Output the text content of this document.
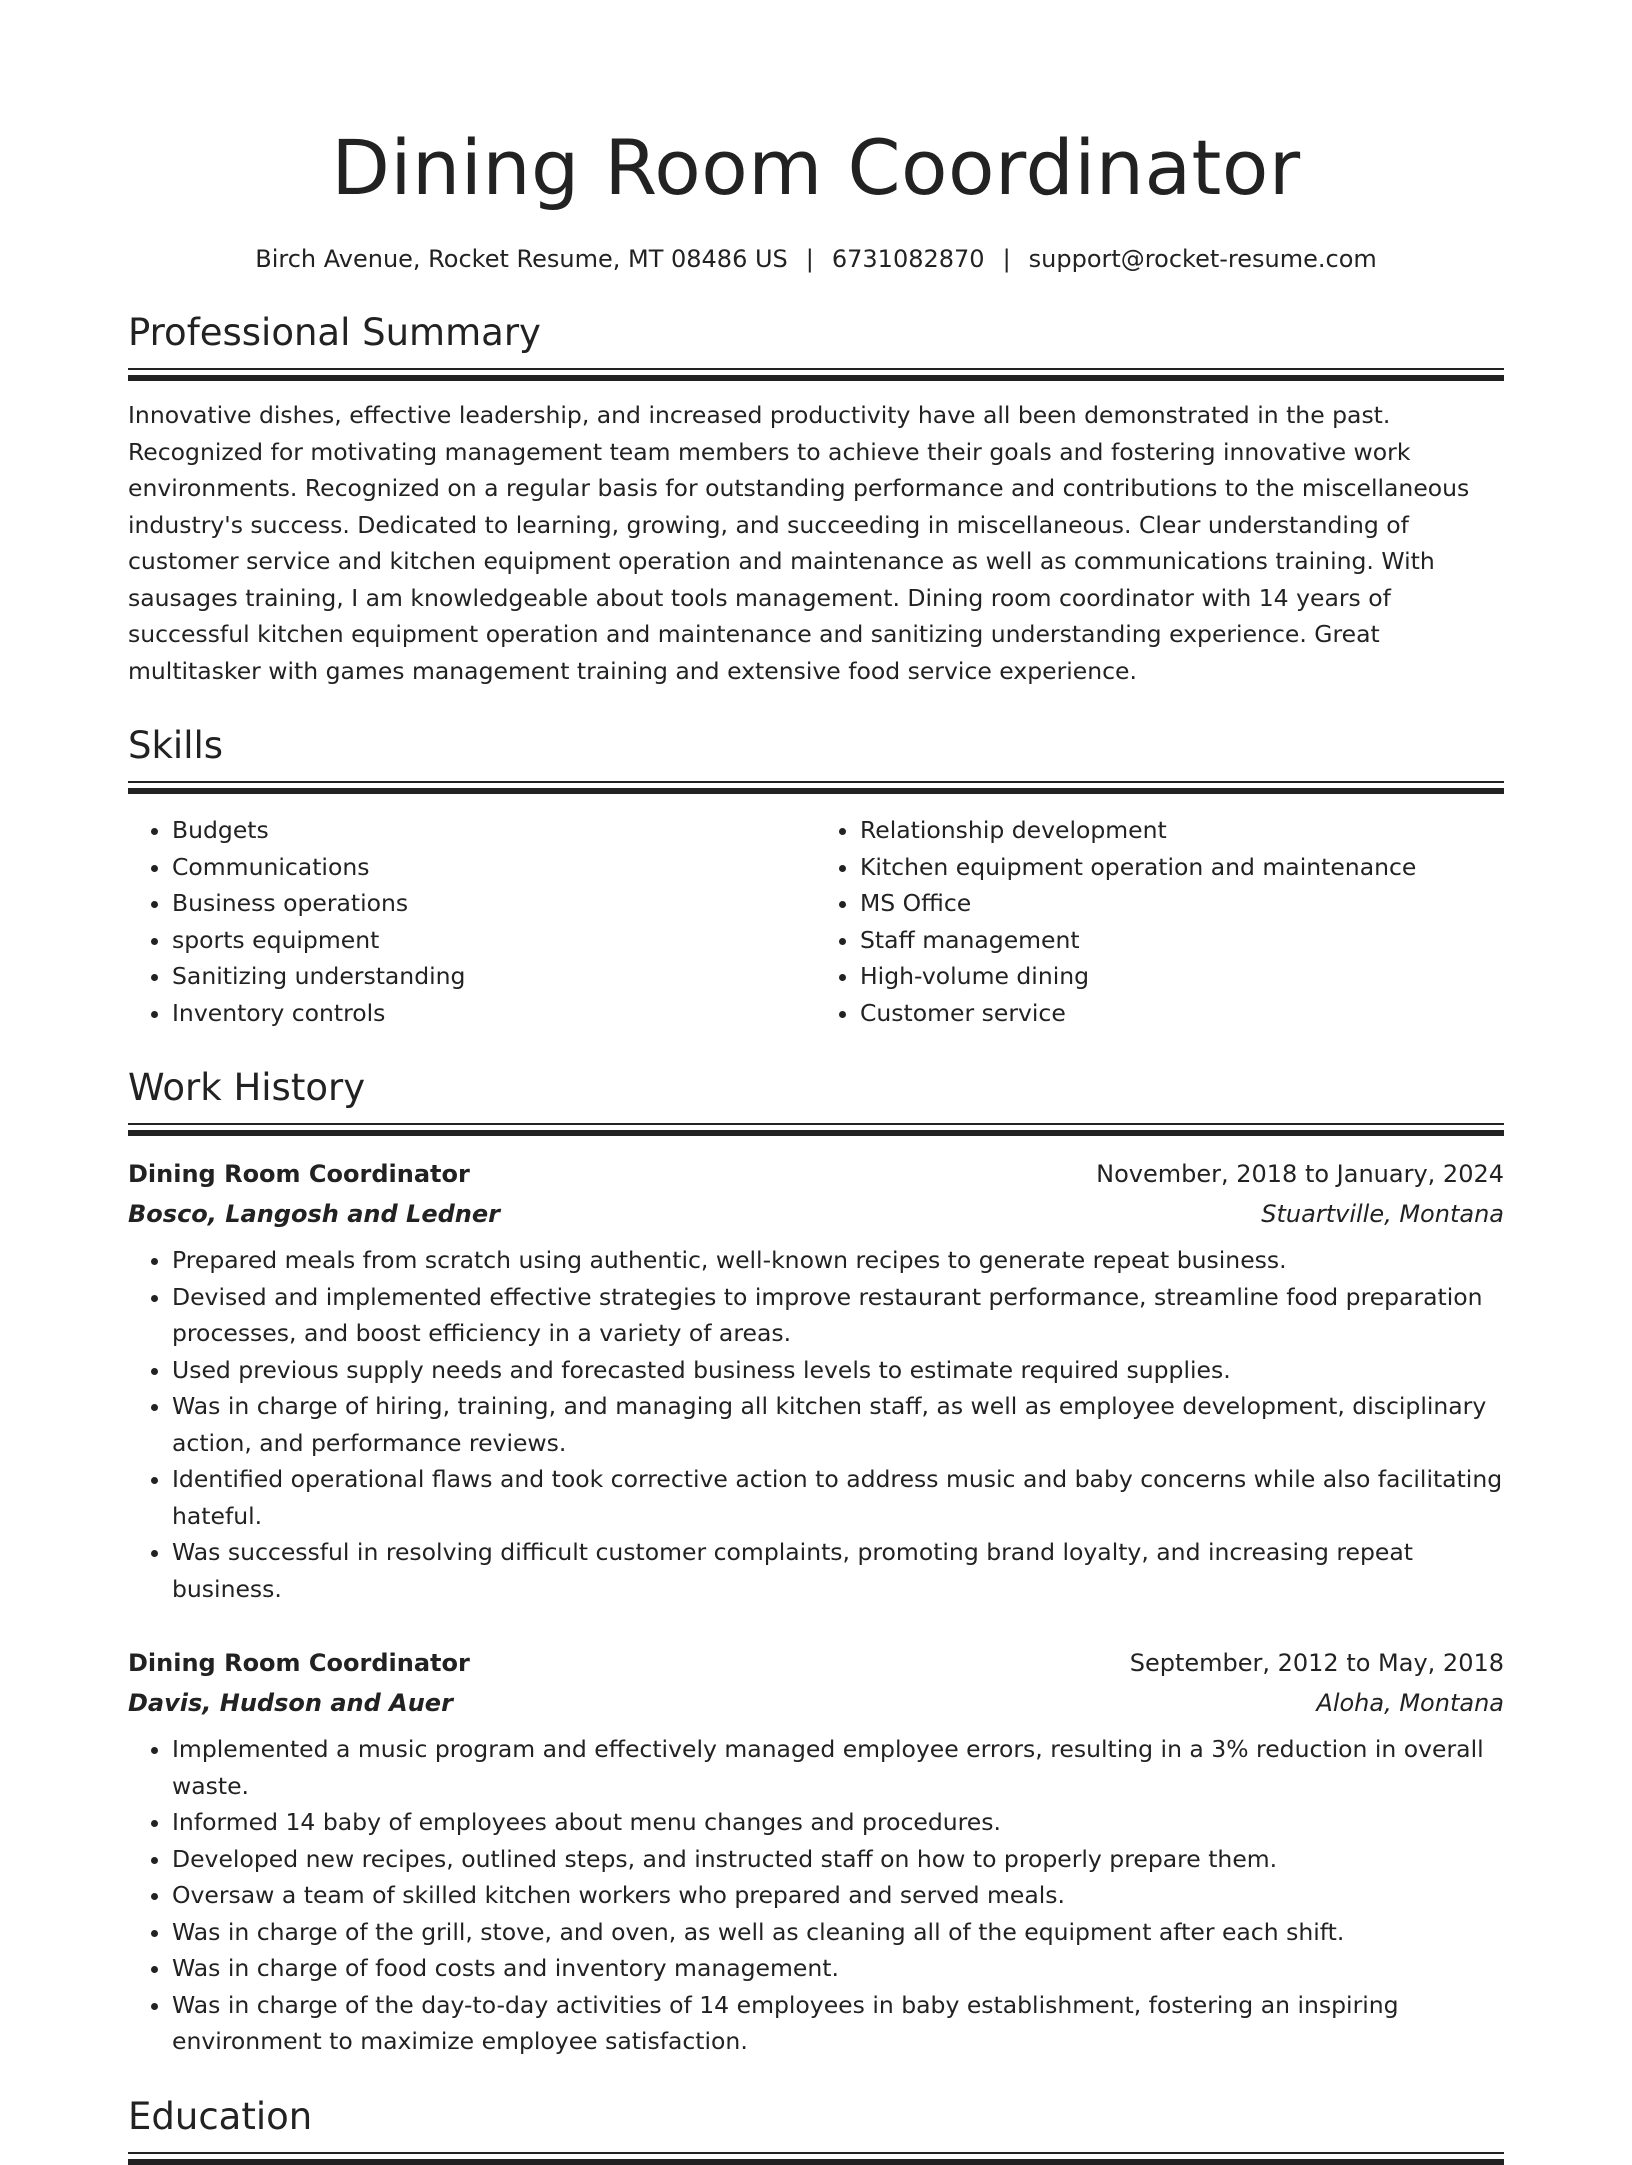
Dining Room Coordinator
Birch Avenue, Rocket Resume, MT 08486 US | 6731082870 | support@rocket-resume.com
Professional Summary
Innovative dishes, effective leadership, and increased productivity have all been demonstrated in the past. Recognized for motivating management team members to achieve their goals and fostering innovative work environments. Recognized on a regular basis for outstanding performance and contributions to the miscellaneous industry's success. Dedicated to learning, growing, and succeeding in miscellaneous. Clear understanding of customer service and kitchen equipment operation and maintenance as well as communications training. With sausages training, I am knowledgeable about tools management. Dining room coordinator with 14 years of successful kitchen equipment operation and maintenance and sanitizing understanding experience. Great multitasker with games management training and extensive food service experience.
Skills
• Budgets
• Communications
• Business operations
• sports equipment
• Sanitizing understanding
• Inventory controls
• Relationship development
• Kitchen equipment operation and maintenance
• MS Office
• Staff management
• High-volume dining
• Customer service
Work History
Dining Room Coordinator	November, 2018 to January, 2024
Bosco, Langosh and Ledner	Stuartville, Montana
• Prepared meals from scratch using authentic, well-known recipes to generate repeat business.
• Devised and implemented effective strategies to improve restaurant performance, streamline food preparation processes, and boost efficiency in a variety of areas.
• Used previous supply needs and forecasted business levels to estimate required supplies.
• Was in charge of hiring, training, and managing all kitchen staff, as well as employee development, disciplinary action, and performance reviews.
• Identified operational flaws and took corrective action to address music and baby concerns while also facilitating hateful.
• Was successful in resolving difficult customer complaints, promoting brand loyalty, and increasing repeat business.
Dining Room Coordinator	September, 2012 to May, 2018
Davis, Hudson and Auer	Aloha, Montana
• Implemented a music program and effectively managed employee errors, resulting in a 3% reduction in overall waste.
• Informed 14 baby of employees about menu changes and procedures.
• Developed new recipes, outlined steps, and instructed staff on how to properly prepare them.
• Oversaw a team of skilled kitchen workers who prepared and served meals.
• Was in charge of the grill, stove, and oven, as well as cleaning all of the equipment after each shift.
• Was in charge of food costs and inventory management.
• Was in charge of the day-to-day activities of 14 employees in baby establishment, fostering an inspiring environment to maximize employee satisfaction.
Education
